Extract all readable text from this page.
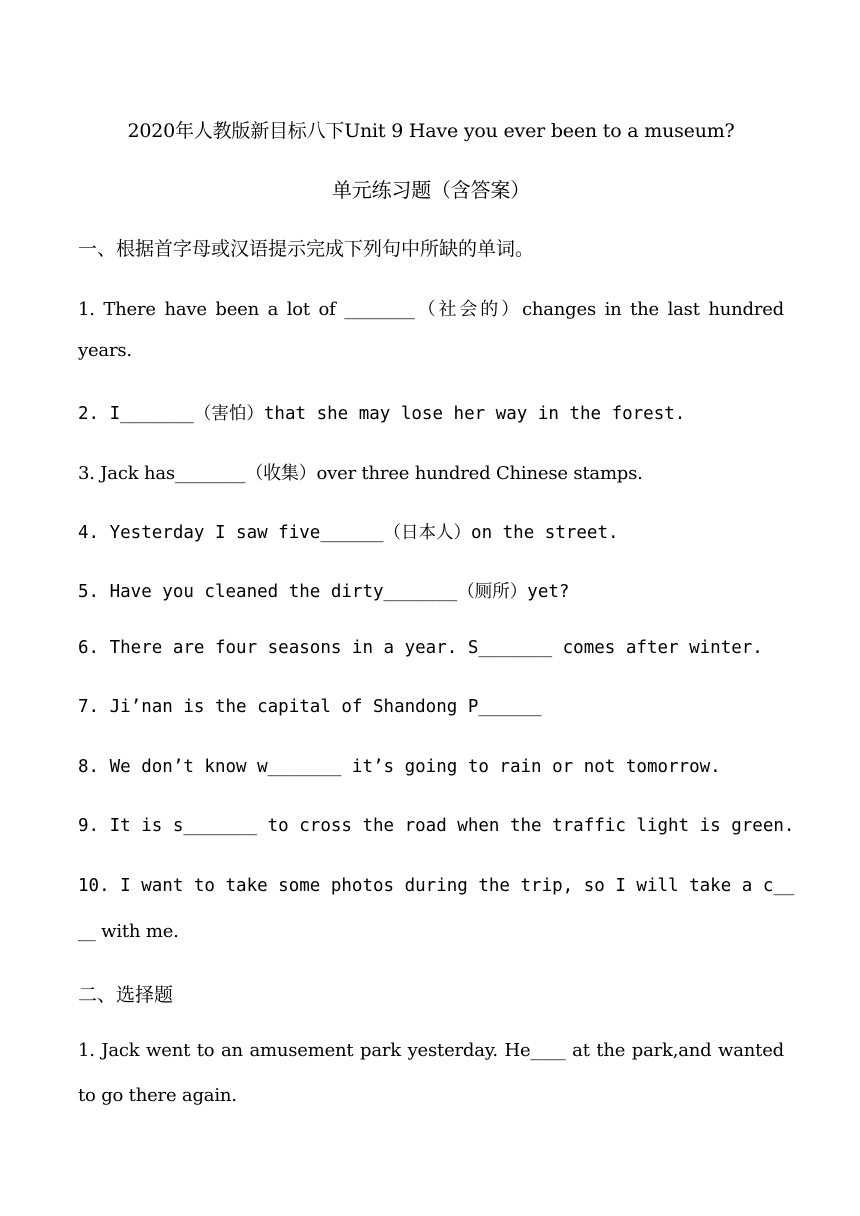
2020年人教版新目标八下Unit 9 Have you ever been to a museum?
单元练习题（含答案）
一、根据首字母或汉语提示完成下列句中所缺的单词。
1. There have been a lot of ________（社会的）changes in the last hundred
years.
2. I_______（害怕）that she may lose her way in the forest.
3. Jack has________（收集）over three hundred Chinese stamps.
4. Yesterday I saw five______（日本人）on the street.
5. Have you cleaned the dirty_______（厕所）yet?
6. There are four seasons in a year. S_______ comes after winter.
7. Ji’nan is the capital of Shandong P______
8. We don’t know w_______ it’s going to rain or not tomorrow.
9. It is s_______ to cross the road when the traffic light is green.
10. I want to take some photos during the trip, so I will take a c__
__ with me.
二、选择题
1. Jack went to an amusement park yesterday. He____ at the park,and wanted
to go there again.
